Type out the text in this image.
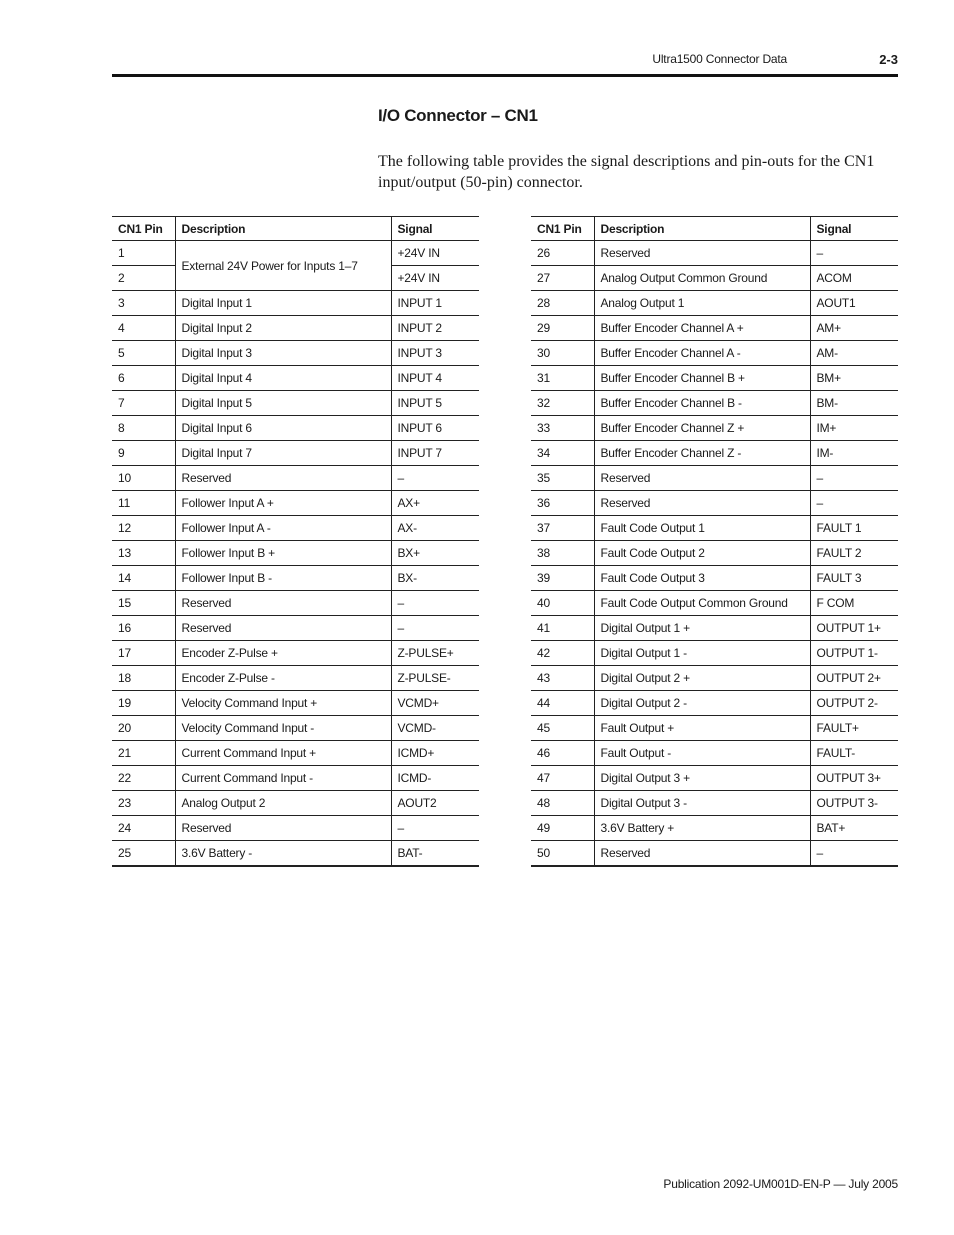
Ultra1500 Connector Data	2-3
I/O Connector – CN1

The following table provides the signal descriptions and pin-outs for the CN1 input/output (50-pin) connector.

CN1 Pin	Description	Signal
1	External 24V Power for Inputs 1–7	+24V IN
2		+24V IN
3	Digital Input 1	INPUT 1
4	Digital Input 2	INPUT 2
5	Digital Input 3	INPUT 3
6	Digital Input 4	INPUT 4
7	Digital Input 5	INPUT 5
8	Digital Input 6	INPUT 6
9	Digital Input 7	INPUT 7
10	Reserved	–
11	Follower Input A +	AX+
12	Follower Input A -	AX-
13	Follower Input B +	BX+
14	Follower Input B -	BX-
15	Reserved	–
16	Reserved	–
17	Encoder Z-Pulse +	Z-PULSE+
18	Encoder Z-Pulse -	Z-PULSE-
19	Velocity Command Input +	VCMD+
20	Velocity Command Input -	VCMD-
21	Current Command Input +	ICMD+
22	Current Command Input -	ICMD-
23	Analog Output 2	AOUT2
24	Reserved	–
25	3.6V Battery -	BAT-
CN1 Pin	Description	Signal
26	Reserved	–
27	Analog Output Common Ground	ACOM
28	Analog Output 1	AOUT1
29	Buffer Encoder Channel A +	AM+
30	Buffer Encoder Channel A -	AM-
31	Buffer Encoder Channel B +	BM+
32	Buffer Encoder Channel B -	BM-
33	Buffer Encoder Channel Z +	IM+
34	Buffer Encoder Channel Z -	IM-
35	Reserved	–
36	Reserved	–
37	Fault Code Output 1	FAULT 1
38	Fault Code Output 2	FAULT 2
39	Fault Code Output 3	FAULT 3
40	Fault Code Output Common Ground	F COM
41	Digital Output 1 +	OUTPUT 1+
42	Digital Output 1 -	OUTPUT 1-
43	Digital Output 2 +	OUTPUT 2+
44	Digital Output 2 -	OUTPUT 2-
45	Fault Output +	FAULT+
46	Fault Output -	FAULT-
47	Digital Output 3 +	OUTPUT 3+
48	Digital Output 3 -	OUTPUT 3-
49	3.6V Battery +	BAT+
50	Reserved	–
Publication 2092-UM001D-EN-P — July 2005
